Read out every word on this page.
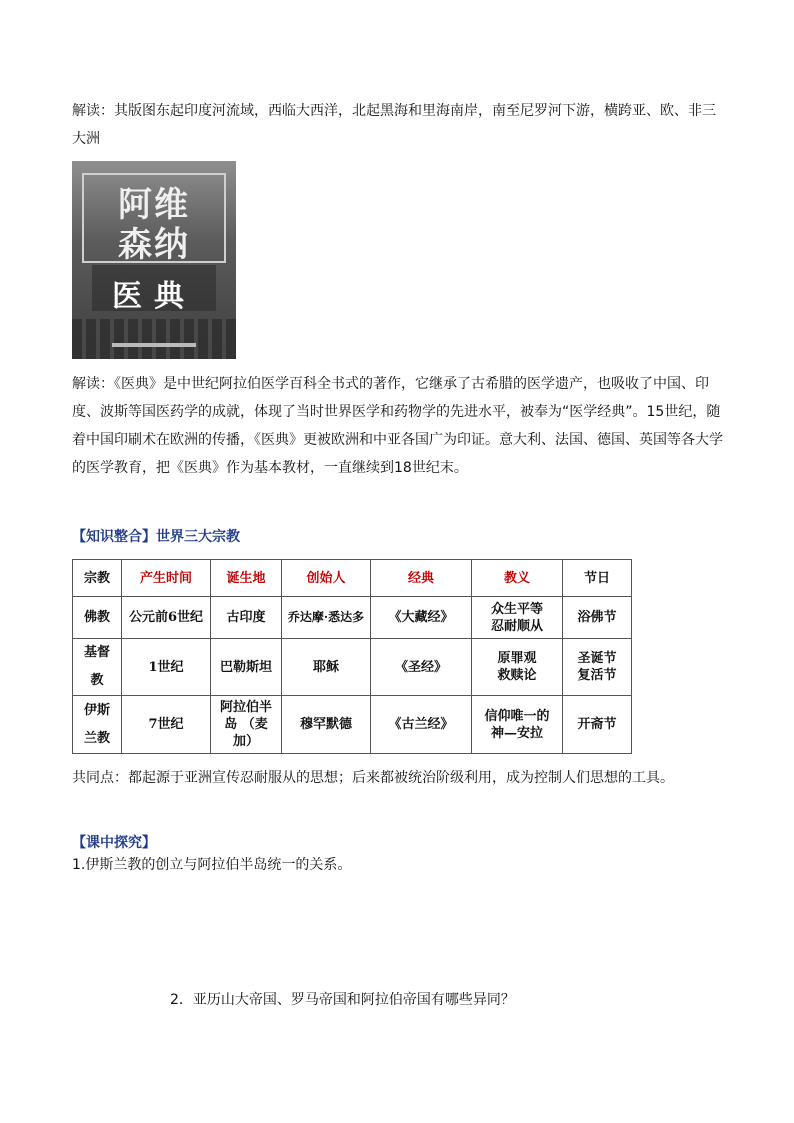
解读：其版图东起印度河流域，西临大西洋，北起黑海和里海南岸，南至尼罗河下游，横跨亚、欧、非三大洲
阿维
森纳
医典
解读：《医典》是中世纪阿拉伯医学百科全书式的著作，它继承了古希腊的医学遗产，也吸收了中国、印度、波斯等国医药学的成就，体现了当时世界医学和药物学的先进水平，被奉为“医学经典”。15世纪，随着中国印刷术在欧洲的传播，《医典》更被欧洲和中亚各国广为印证。意大利、法国、德国、英国等各大学的医学教育，把《医典》作为基本教材，一直继续到18世纪末。
【知识整合】世界三大宗教
宗教	产生时间	诞生地	创始人	经典	教义	节日
佛教	公元前6世纪	古印度	乔达摩·悉达多	《大藏经》	众生平等 忍耐顺从	浴佛节
基督教	1世纪	巴勒斯坦	耶稣	《圣经》	原罪观 救赎论	圣诞节 复活节
伊斯兰教	7世纪	阿拉伯半岛 （麦加）	穆罕默德	《古兰经》	信仰唯一的 神—安拉	开斋节
共同点：都起源于亚洲宣传忍耐服从的思想；后来都被统治阶级利用，成为控制人们思想的工具。
【课中探究】
1.伊斯兰教的创立与阿拉伯半岛统一的关系。
2．亚历山大帝国、罗马帝国和阿拉伯帝国有哪些异同？
